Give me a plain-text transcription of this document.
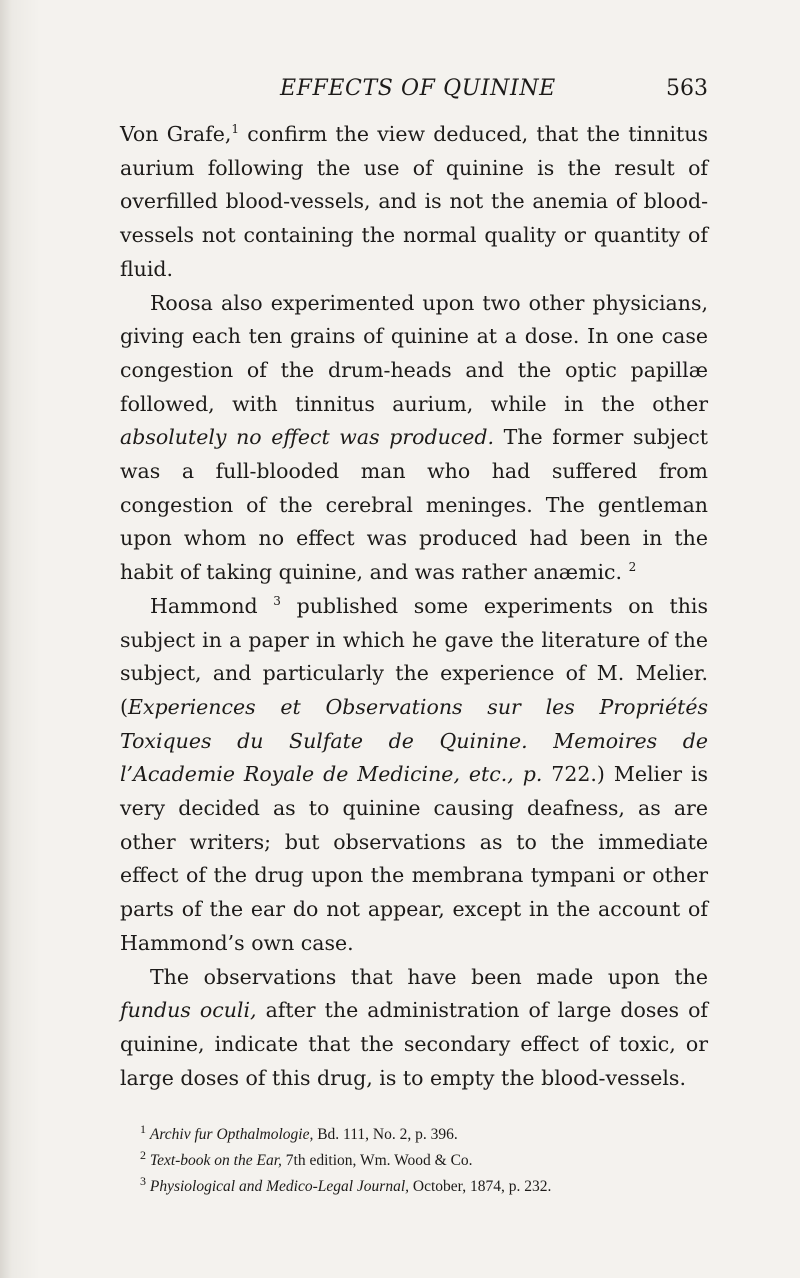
EFFECTS OF QUININE	563

Von Grafe,$^1$ confirm the view deduced, that the tinnitus aurium following the use of quinine is the result of overfilled blood-vessels, and is not the anemia of blood-vessels not containing the normal quality or quantity of fluid.

Roosa also experimented upon two other physicians, giving each ten grains of quinine at a dose. In one case congestion of the drum-heads and the optic papillæ followed, with tinnitus aurium, while in the other absolutely no effect was produced. The former subject was a full-blooded man who had suffered from congestion of the cerebral meninges. The gentleman upon whom no effect was produced had been in the habit of taking quinine, and was rather anæmic. $^2$

Hammond $^3$ published some experiments on this subject in a paper in which he gave the literature of the subject, and particularly the experience of M. Melier. (Experiences et Observations sur les Propriétés Toxiques du Sulfate de Quinine. Memoires de l’Academie Royale de Medicine, etc., p. 722.) Melier is very decided as to quinine causing deafness, as are other writers; but observations as to the immediate effect of the drug upon the membrana tympani or other parts of the ear do not appear, except in the account of Hammond’s own case.

The observations that have been made upon the fundus oculi, after the administration of large doses of quinine, indicate that the secondary effect of toxic, or large doses of this drug, is to empty the blood-vessels.

$^1$ Archiv fur Opthalmologie, Bd. 111, No. 2, p. 396.
$^2$ Text-book on the Ear, 7th edition, Wm. Wood & Co.
$^3$ Physiological and Medico-Legal Journal, October, 1874, p. 232.
